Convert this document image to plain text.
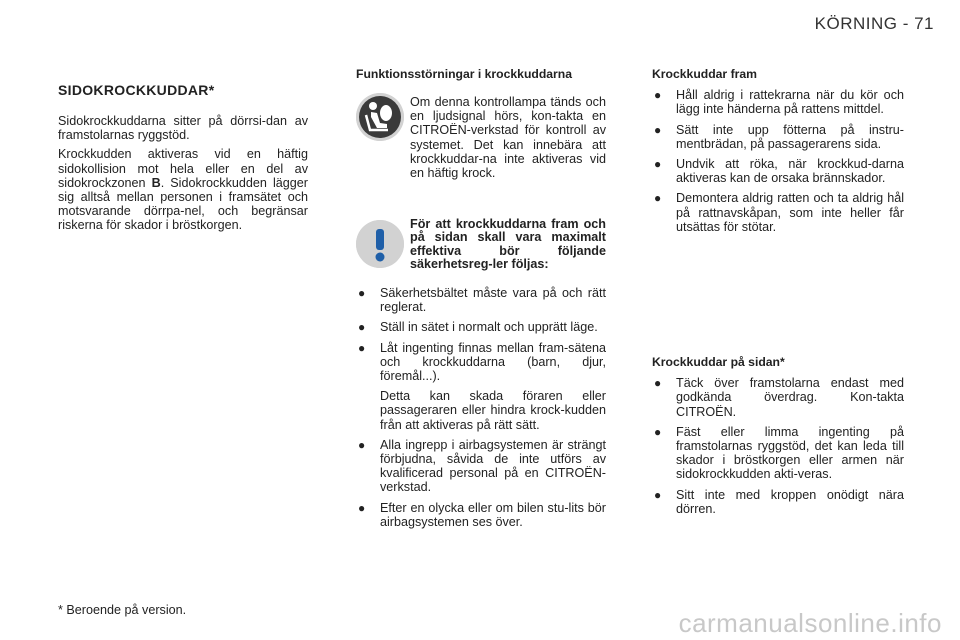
KÖRNING - 71
SIDOKROCKKUDDAR*

Sidokrockkuddarna sitter på dörrsi-dan av framstolarnas ryggstöd.

Krockkudden aktiveras vid en häftig sidokollision mot hela eller en del av sidokrockzonen B. Sidokrockkudden lägger sig alltså mellan personen i framsätet och motsvarande dörrpa-nel, och begränsar riskerna för skador i bröstkorgen.

Funktionsstörningar i krockkuddarna
Om denna kontrollampa tänds och en ljudsignal hörs, kon-takta en CITROËN-verkstad för kontroll av systemet. Det kan innebära att krockkuddar-na inte aktiveras vid en häftig krock.
För att krockkuddarna fram och på sidan skall vara maximalt effektiva bör följande säkerhetsreg-ler följas:
● Säkerhetsbältet måste vara på och rätt reglerat.
● Ställ in sätet i normalt och upprätt läge.
● Låt ingenting finnas mellan fram-sätena och krockkuddarna (barn, djur, föremål...).
Detta kan skada föraren eller passageraren eller hindra krock-kudden från att aktiveras på rätt sätt.
● Alla ingrepp i airbagsystemen är strängt förbjudna, såvida de inte utförs av kvalificerad personal på en CITROËN-verkstad.
● Efter en olycka eller om bilen stu-lits bör airbagsystemen ses över.
Krockkuddar fram
● Håll aldrig i rattekrarna när du kör och lägg inte händerna på rattens mittdel.
● Sätt inte upp fötterna på instru-mentbrädan, på passagerarens sida.
● Undvik att röka, när krockkud-darna aktiveras kan de orsaka brännskador.
● Demontera aldrig ratten och ta aldrig hål på rattnavskåpan, som inte heller får utsättas för stötar.
Krockkuddar på sidan*
● Täck över framstolarna endast med godkända överdrag. Kon-takta CITROËN.
● Fäst eller limma ingenting på framstolarnas ryggstöd, det kan leda till skador i bröstkorgen eller armen när sidokrockkudden akti-veras.
● Sitt inte med kroppen onödigt nära dörren.
* Beroende på version.	carmanualsonline.info
